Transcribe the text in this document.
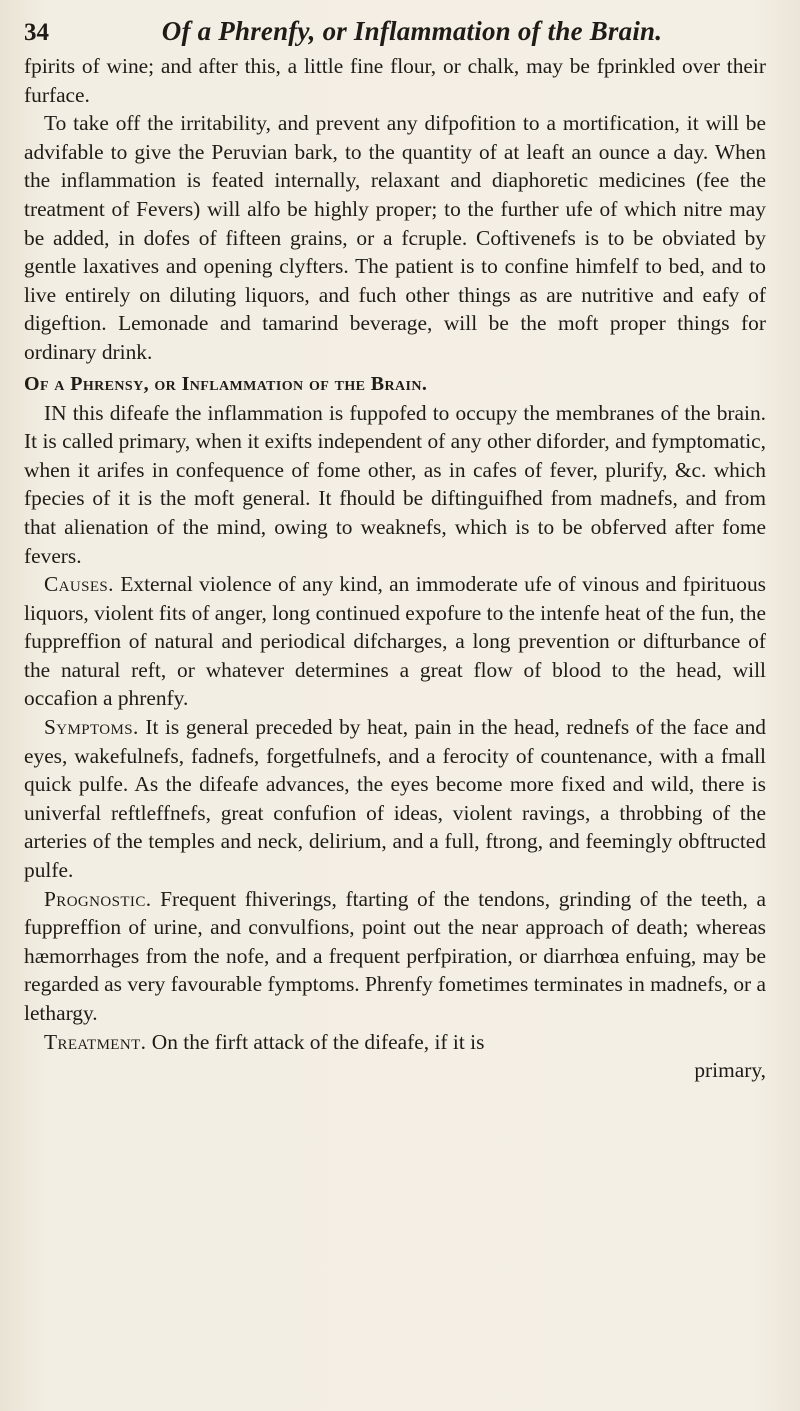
34	Of a Phrenfy, or Inflammation of the Brain.

fpirits of wine; and after this, a little fine flour, or chalk, may be fprinkled over their furface.

To take off the irritability, and prevent any difpofition to a mortification, it will be advifable to give the Peruvian bark, to the quantity of at leaft an ounce a day. When the inflammation is feated internally, relaxant and diaphoretic medicines (fee the treatment of Fevers) will alfo be highly proper; to the further ufe of which nitre may be added, in dofes of fifteen grains, or a fcruple. Coftivenefs is to be obviated by gentle laxatives and opening clyfters. The patient is to confine himfelf to bed, and to live entirely on diluting liquors, and fuch other things as are nutritive and eafy of digeftion. Lemonade and tamarind beverage, will be the moft proper things for ordinary drink.

Of a Phrensy, or Inflammation of the Brain.

IN this difeafe the inflammation is fuppofed to occupy the membranes of the brain. It is called primary, when it exifts independent of any other diforder, and fymptomatic, when it arifes in confequence of fome other, as in cafes of fever, plurify, &c. which fpecies of it is the moft general. It fhould be diftinguifhed from madnefs, and from that alienation of the mind, owing to weaknefs, which is to be obferved after fome fevers.

Causes. External violence of any kind, an immoderate ufe of vinous and fpirituous liquors, violent fits of anger, long continued expofure to the intenfe heat of the fun, the fuppreffion of natural and periodical difcharges, a long prevention or difturbance of the natural reft, or whatever determines a great flow of blood to the head, will occafion a phrenfy.

Symptoms. It is general preceded by heat, pain in the head, rednefs of the face and eyes, wakefulnefs, fadnefs, forgetfulnefs, and a ferocity of countenance, with a fmall quick pulfe. As the difeafe advances, the eyes become more fixed and wild, there is univerfal reftleffnefs, great confufion of ideas, violent ravings, a throbbing of the arteries of the temples and neck, delirium, and a full, ftrong, and feemingly obftructed pulfe.

Prognostic. Frequent fhiverings, ftarting of the tendons, grinding of the teeth, a fuppreffion of urine, and convulfions, point out the near approach of death; whereas hæmorrhages from the nofe, and a frequent perfpiration, or diarrhœa enfuing, may be regarded as very favourable fymptoms. Phrenfy fometimes terminates in madnefs, or a lethargy.

Treatment. On the firft attack of the difeafe, if it is

primary,
